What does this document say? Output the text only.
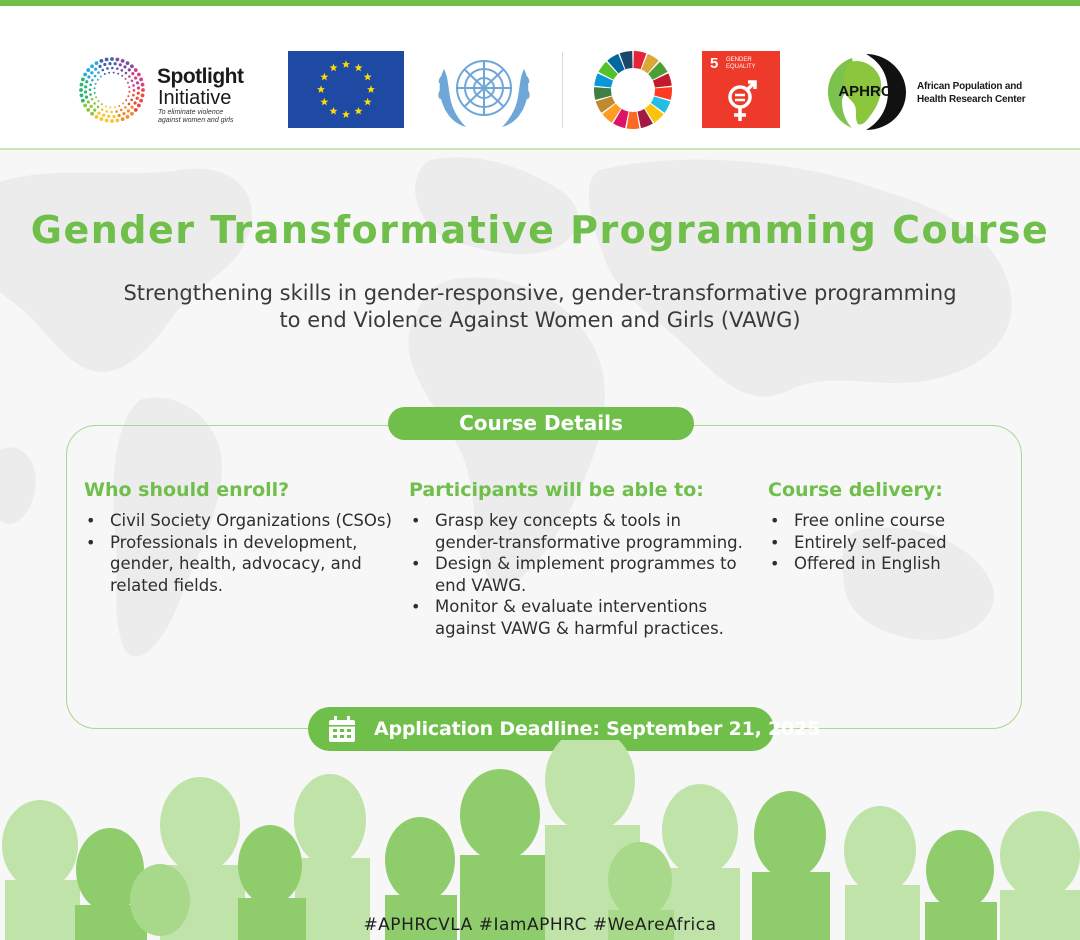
Spotlight
Initiative
To eliminate violence
against women and girls
5 GENDER
EQUALITY
APHRC	African Population and
Health Research Center
Gender Transformative Programming Course
Strengthening skills in gender-responsive, gender-transformative programming
to end Violence Against Women and Girls (VAWG)
Course Details
Who should enroll?	Participants will be able to:	Course delivery:
• Civil Society Organizations (CSOs)
• Professionals in development,
gender, health, advocacy, and
related fields.
• Grasp key concepts & tools in
gender-transformative programming.
• Design & implement programmes to
end VAWG.
• Monitor & evaluate interventions
against VAWG & harmful practices.
• Free online course
• Entirely self-paced
• Offered in English
Application Deadline: September 21, 2025
#APHRCVLA #IamAPHRC #WeAreAfrica
